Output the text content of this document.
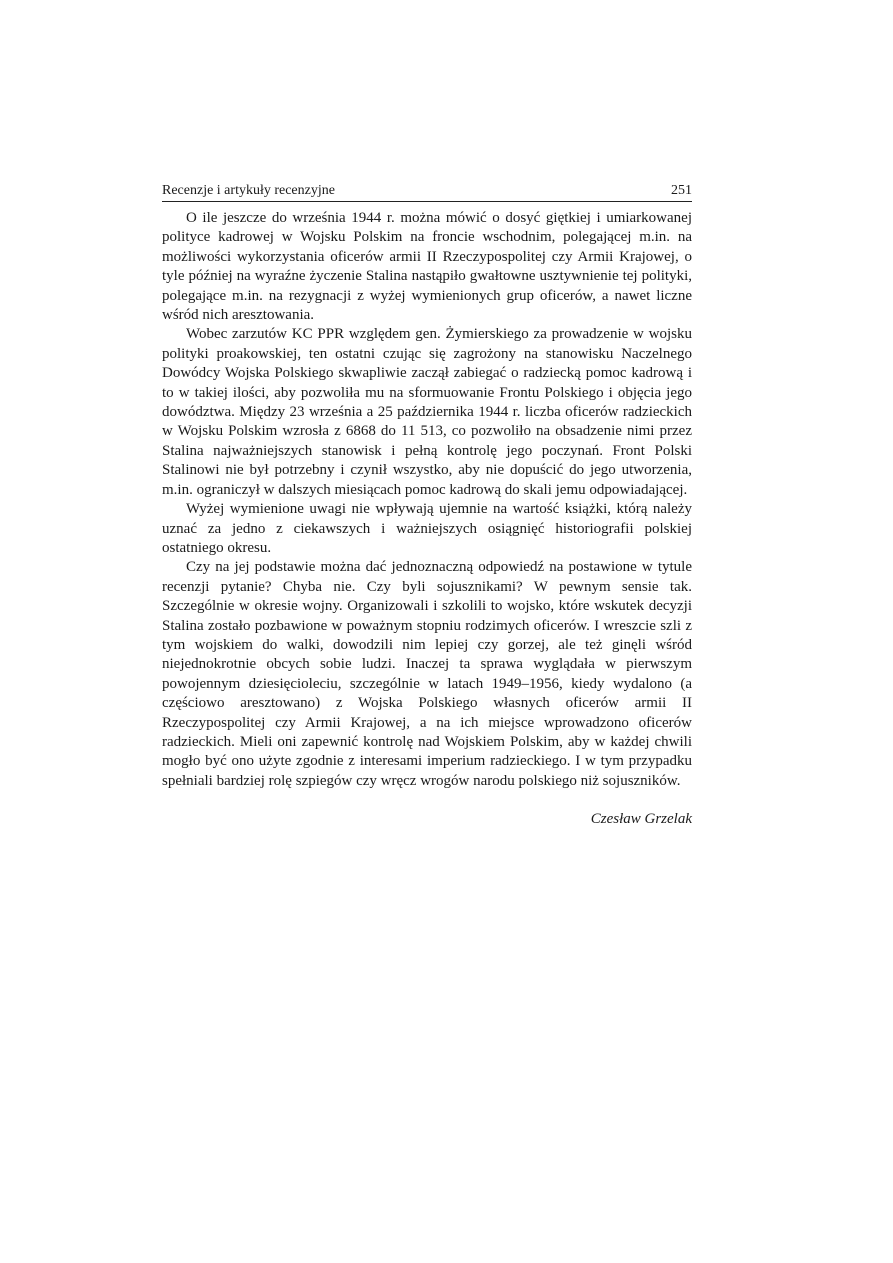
Recenzje i artykuły recenzyjne	251

O ile jeszcze do września 1944 r. można mówić o dosyć giętkiej i umiarkowanej polityce kadrowej w Wojsku Polskim na froncie wschodnim, polegającej m.in. na możliwości wykorzystania oficerów armii II Rzeczypospolitej czy Armii Krajowej, o tyle później na wyraźne życzenie Stalina nastąpiło gwałtowne usztywnienie tej polityki, polegające m.in. na rezygnacji z wyżej wymienionych grup oficerów, a nawet liczne wśród nich aresztowania.

Wobec zarzutów KC PPR względem gen. Żymierskiego za prowadzenie w wojsku polityki proakowskiej, ten ostatni czując się zagrożony na stanowisku Naczelnego Dowódcy Wojska Polskiego skwapliwie zaczął zabiegać o radziecką pomoc kadrową i to w takiej ilości, aby pozwoliła mu na sformuowanie Frontu Polskiego i objęcia jego dowództwa. Między 23 września a 25 października 1944 r. liczba oficerów radzieckich w Wojsku Polskim wzrosła z 6868 do 11 513, co pozwoliło na obsadzenie nimi przez Stalina najważniejszych stanowisk i pełną kontrolę jego poczynań. Front Polski Stalinowi nie był potrzebny i czynił wszystko, aby nie dopuścić do jego utworzenia, m.in. ograniczył w dalszych miesiącach pomoc kadrową do skali jemu odpowiadającej.

Wyżej wymienione uwagi nie wpływają ujemnie na wartość książki, którą należy uznać za jedno z ciekawszych i ważniejszych osiągnięć historiografii polskiej ostatniego okresu.

Czy na jej podstawie można dać jednoznaczną odpowiedź na postawione w tytule recenzji pytanie? Chyba nie. Czy byli sojusznikami? W pewnym sensie tak. Szczególnie w okresie wojny. Organizowali i szkolili to wojsko, które wskutek decyzji Stalina zostało pozbawione w poważnym stopniu rodzimych oficerów. I wreszcie szli z tym wojskiem do walki, dowodzili nim lepiej czy gorzej, ale też ginęli wśród niejednokrotnie obcych sobie ludzi. Inaczej ta sprawa wyglądała w pierwszym powojennym dziesięcioleciu, szczególnie w latach 1949–1956, kiedy wydalono (a częściowo aresztowano) z Wojska Polskiego własnych oficerów armii II Rzeczypospolitej czy Armii Krajowej, a na ich miejsce wprowadzono oficerów radzieckich. Mieli oni zapewnić kontrolę nad Wojskiem Polskim, aby w każdej chwili mogło być ono użyte zgodnie z interesami imperium radzieckiego. I w tym przypadku spełniali bardziej rolę szpiegów czy wręcz wrogów narodu polskiego niż sojuszników.

Czesław Grzelak
